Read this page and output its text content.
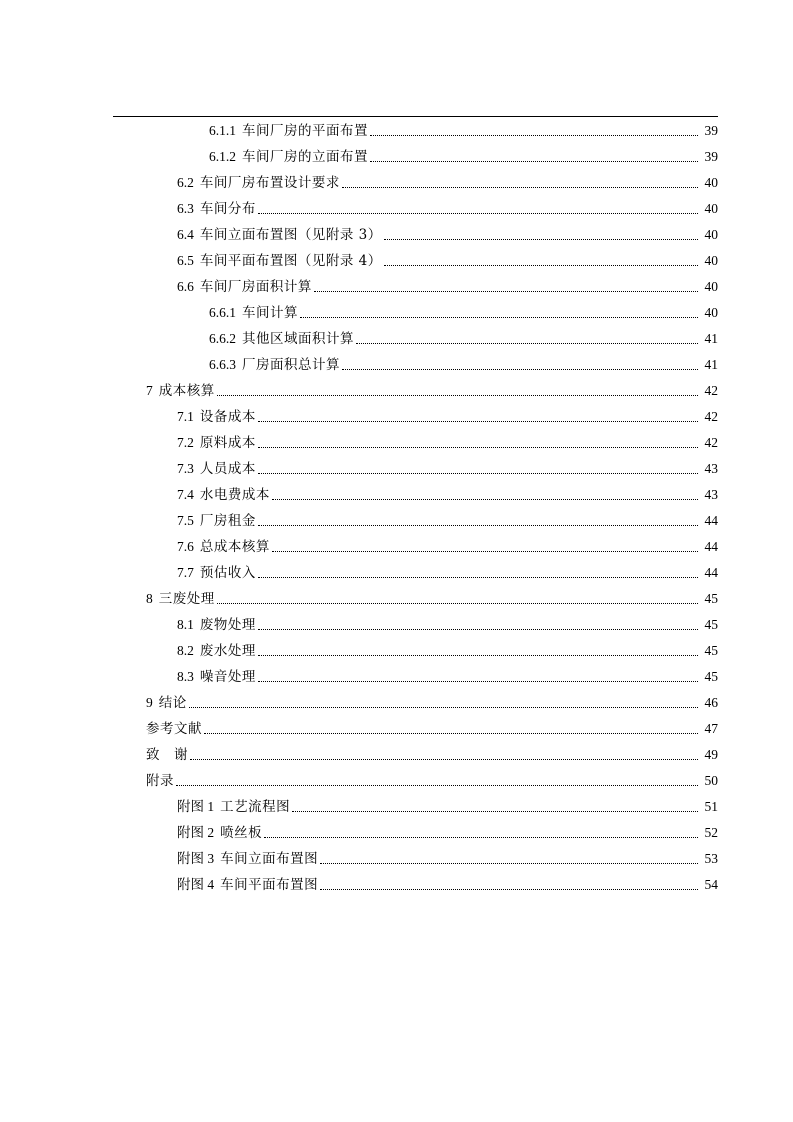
6.1.1 车间厂房的平面布置	39
6.1.2 车间厂房的立面布置	39
6.2 车间厂房布置设计要求	40
6.3 车间分布	40
6.4 车间立面布置图（见附录 3）	40
6.5 车间平面布置图（见附录 4）	40
6.6 车间厂房面积计算	40
6.6.1 车间计算	40
6.6.2 其他区域面积计算	41
6.6.3 厂房面积总计算	41
7 成本核算	42
7.1 设备成本	42
7.2 原料成本	42
7.3 人员成本	43
7.4 水电费成本	43
7.5 厂房租金	44
7.6 总成本核算	44
7.7 预估收入	44
8 三废处理	45
8.1 废物处理	45
8.2 废水处理	45
8.3 噪音处理	45
9 结论	46
参考文献	47
致　谢	49
附录	50
附图 1 工艺流程图	51
附图 2 喷丝板	52
附图 3 车间立面布置图	53
附图 4 车间平面布置图	54
